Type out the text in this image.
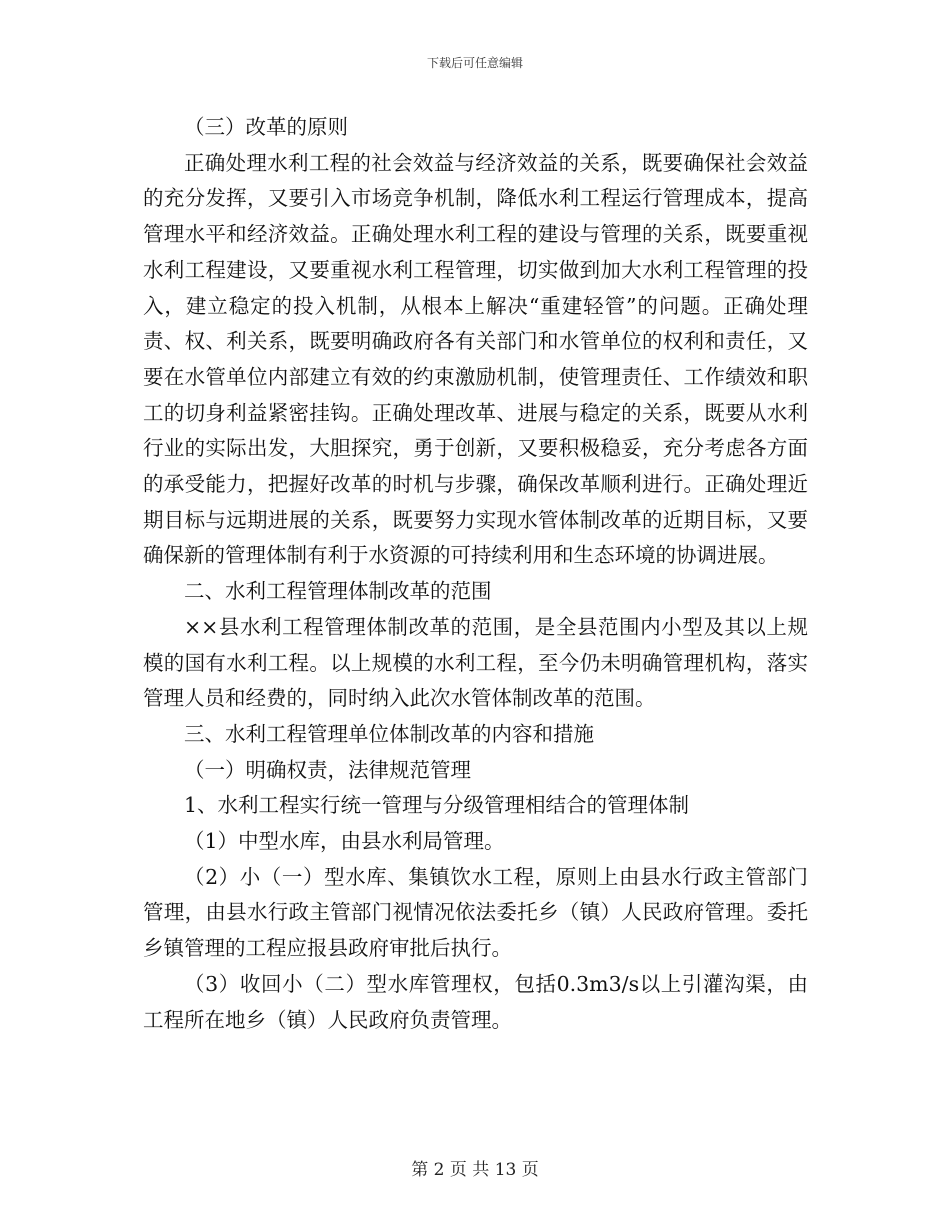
下载后可任意编辑

（三）改革的原则

正确处理水利工程的社会效益与经济效益的关系，既要确保社会效益的充分发挥，又要引入市场竞争机制，降低水利工程运行管理成本，提高管理水平和经济效益。正确处理水利工程的建设与管理的关系，既要重视水利工程建设，又要重视水利工程管理，切实做到加大水利工程管理的投入，建立稳定的投入机制，从根本上解决“重建轻管”的问题。正确处理责、权、利关系，既要明确政府各有关部门和水管单位的权利和责任，又要在水管单位内部建立有效的约束激励机制，使管理责任、工作绩效和职工的切身利益紧密挂钩。正确处理改革、进展与稳定的关系，既要从水利行业的实际出发，大胆探究，勇于创新，又要积极稳妥，充分考虑各方面的承受能力，把握好改革的时机与步骤，确保改革顺利进行。正确处理近期目标与远期进展的关系，既要努力实现水管体制改革的近期目标，又要确保新的管理体制有利于水资源的可持续利用和生态环境的协调进展。

二、水利工程管理体制改革的范围

××县水利工程管理体制改革的范围，是全县范围内小型及其以上规模的国有水利工程。以上规模的水利工程，至今仍未明确管理机构，落实管理人员和经费的，同时纳入此次水管体制改革的范围。

三、水利工程管理单位体制改革的内容和措施

（一）明确权责，法律规范管理

1、水利工程实行统一管理与分级管理相结合的管理体制

（1）中型水库，由县水利局管理。

（2）小（一）型水库、集镇饮水工程，原则上由县水行政主管部门管理，由县水行政主管部门视情况依法委托乡（镇）人民政府管理。委托乡镇管理的工程应报县政府审批后执行。

（3）收回小（二）型水库管理权，包括0.3m3/s以上引灌沟渠，由工程所在地乡（镇）人民政府负责管理。

第 2 页 共 13 页
